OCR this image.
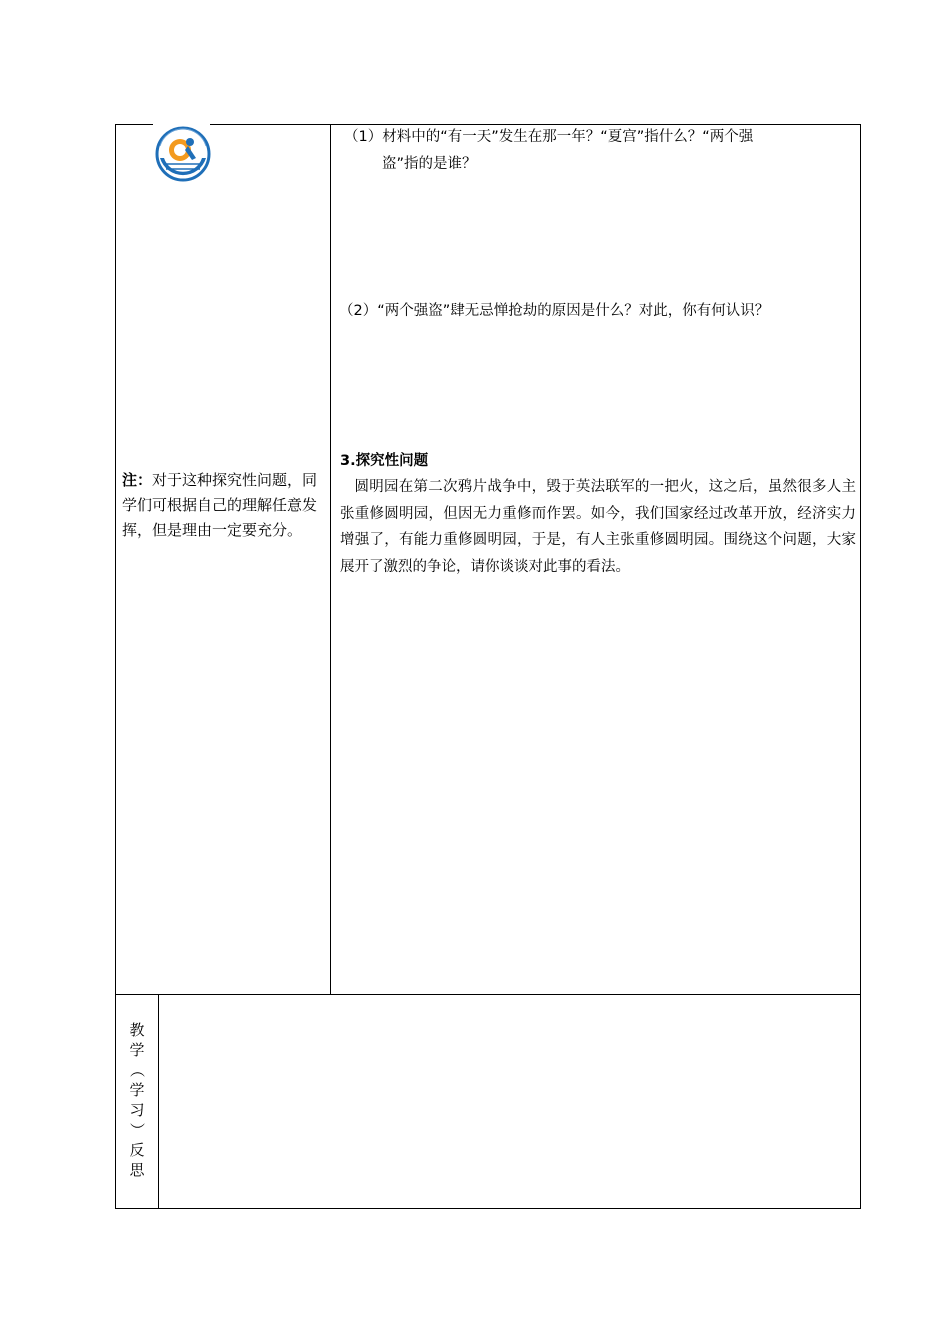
注：对于这种探究性问题，同学们可根据自己的理解任意发挥，但是理由一定要充分。
（1）材料中的“有一天”发生在那一年？“夏宫”指什么？“两个强
盗”指的是谁？
（2）“两个强盗”肆无忌惮抢劫的原因是什么？对此，你有何认识？
3.探究性问题
圆明园在第二次鸦片战争中，毁于英法联军的一把火，这之后，虽然很多人主张重修圆明园，但因无力重修而作罢。如今，我们国家经过改革开放，经济实力增强了，有能力重修圆明园，于是，有人主张重修圆明园。围绕这个问题，大家展开了激烈的争论，请你谈谈对此事的看法。
教
学
（
学
习
）
反
思
